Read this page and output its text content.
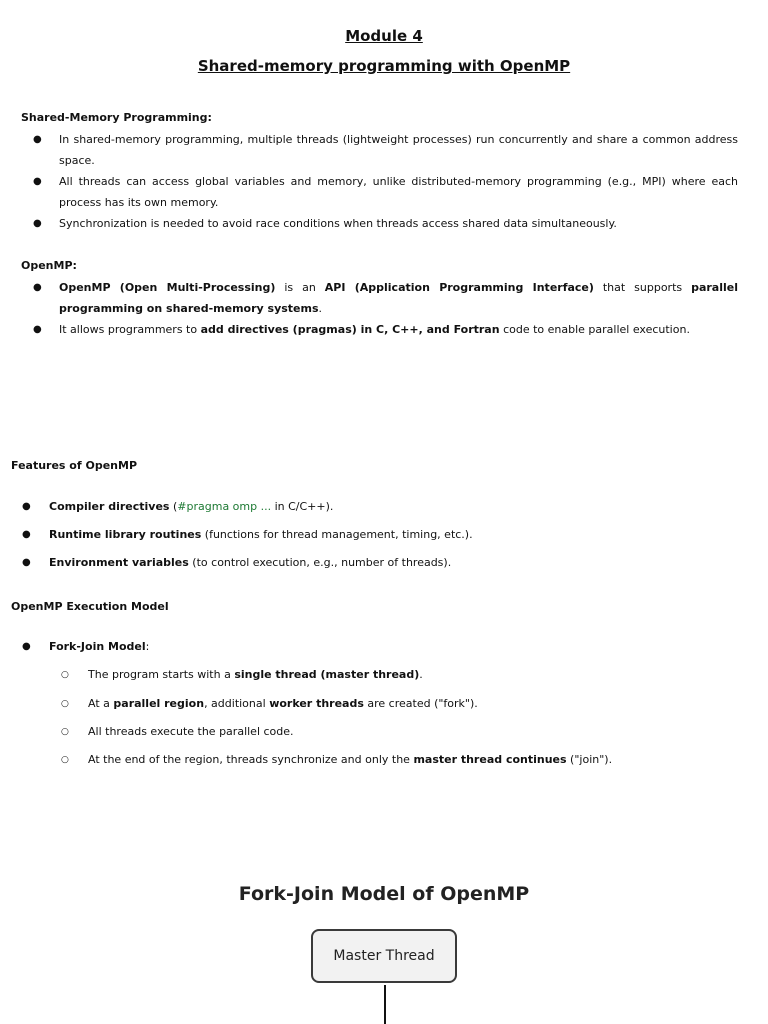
Module 4
Shared-memory programming with OpenMP
Shared-Memory Programming:
● In shared-memory programming, multiple threads (lightweight processes) run concurrently and share a common address space.
● All threads can access global variables and memory, unlike distributed-memory programming (e.g., MPI) where each process has its own memory.
● Synchronization is needed to avoid race conditions when threads access shared data simultaneously.
OpenMP:
● OpenMP (Open Multi-Processing) is an API (Application Programming Interface) that supports parallel programming on shared-memory systems.
● It allows programmers to add directives (pragmas) in C, C++, and Fortran code to enable parallel execution.
Features of OpenMP
● Compiler directives (#pragma omp ... in C/C++).
● Runtime library routines (functions for thread management, timing, etc.).
● Environment variables (to control execution, e.g., number of threads).
OpenMP Execution Model
● Fork-Join Model:
○ The program starts with a single thread (master thread).
○ At a parallel region, additional worker threads are created ("fork").
○ All threads execute the parallel code.
○ At the end of the region, threads synchronize and only the master thread continues ("join").
Fork-Join Model of OpenMP
Master Thread
